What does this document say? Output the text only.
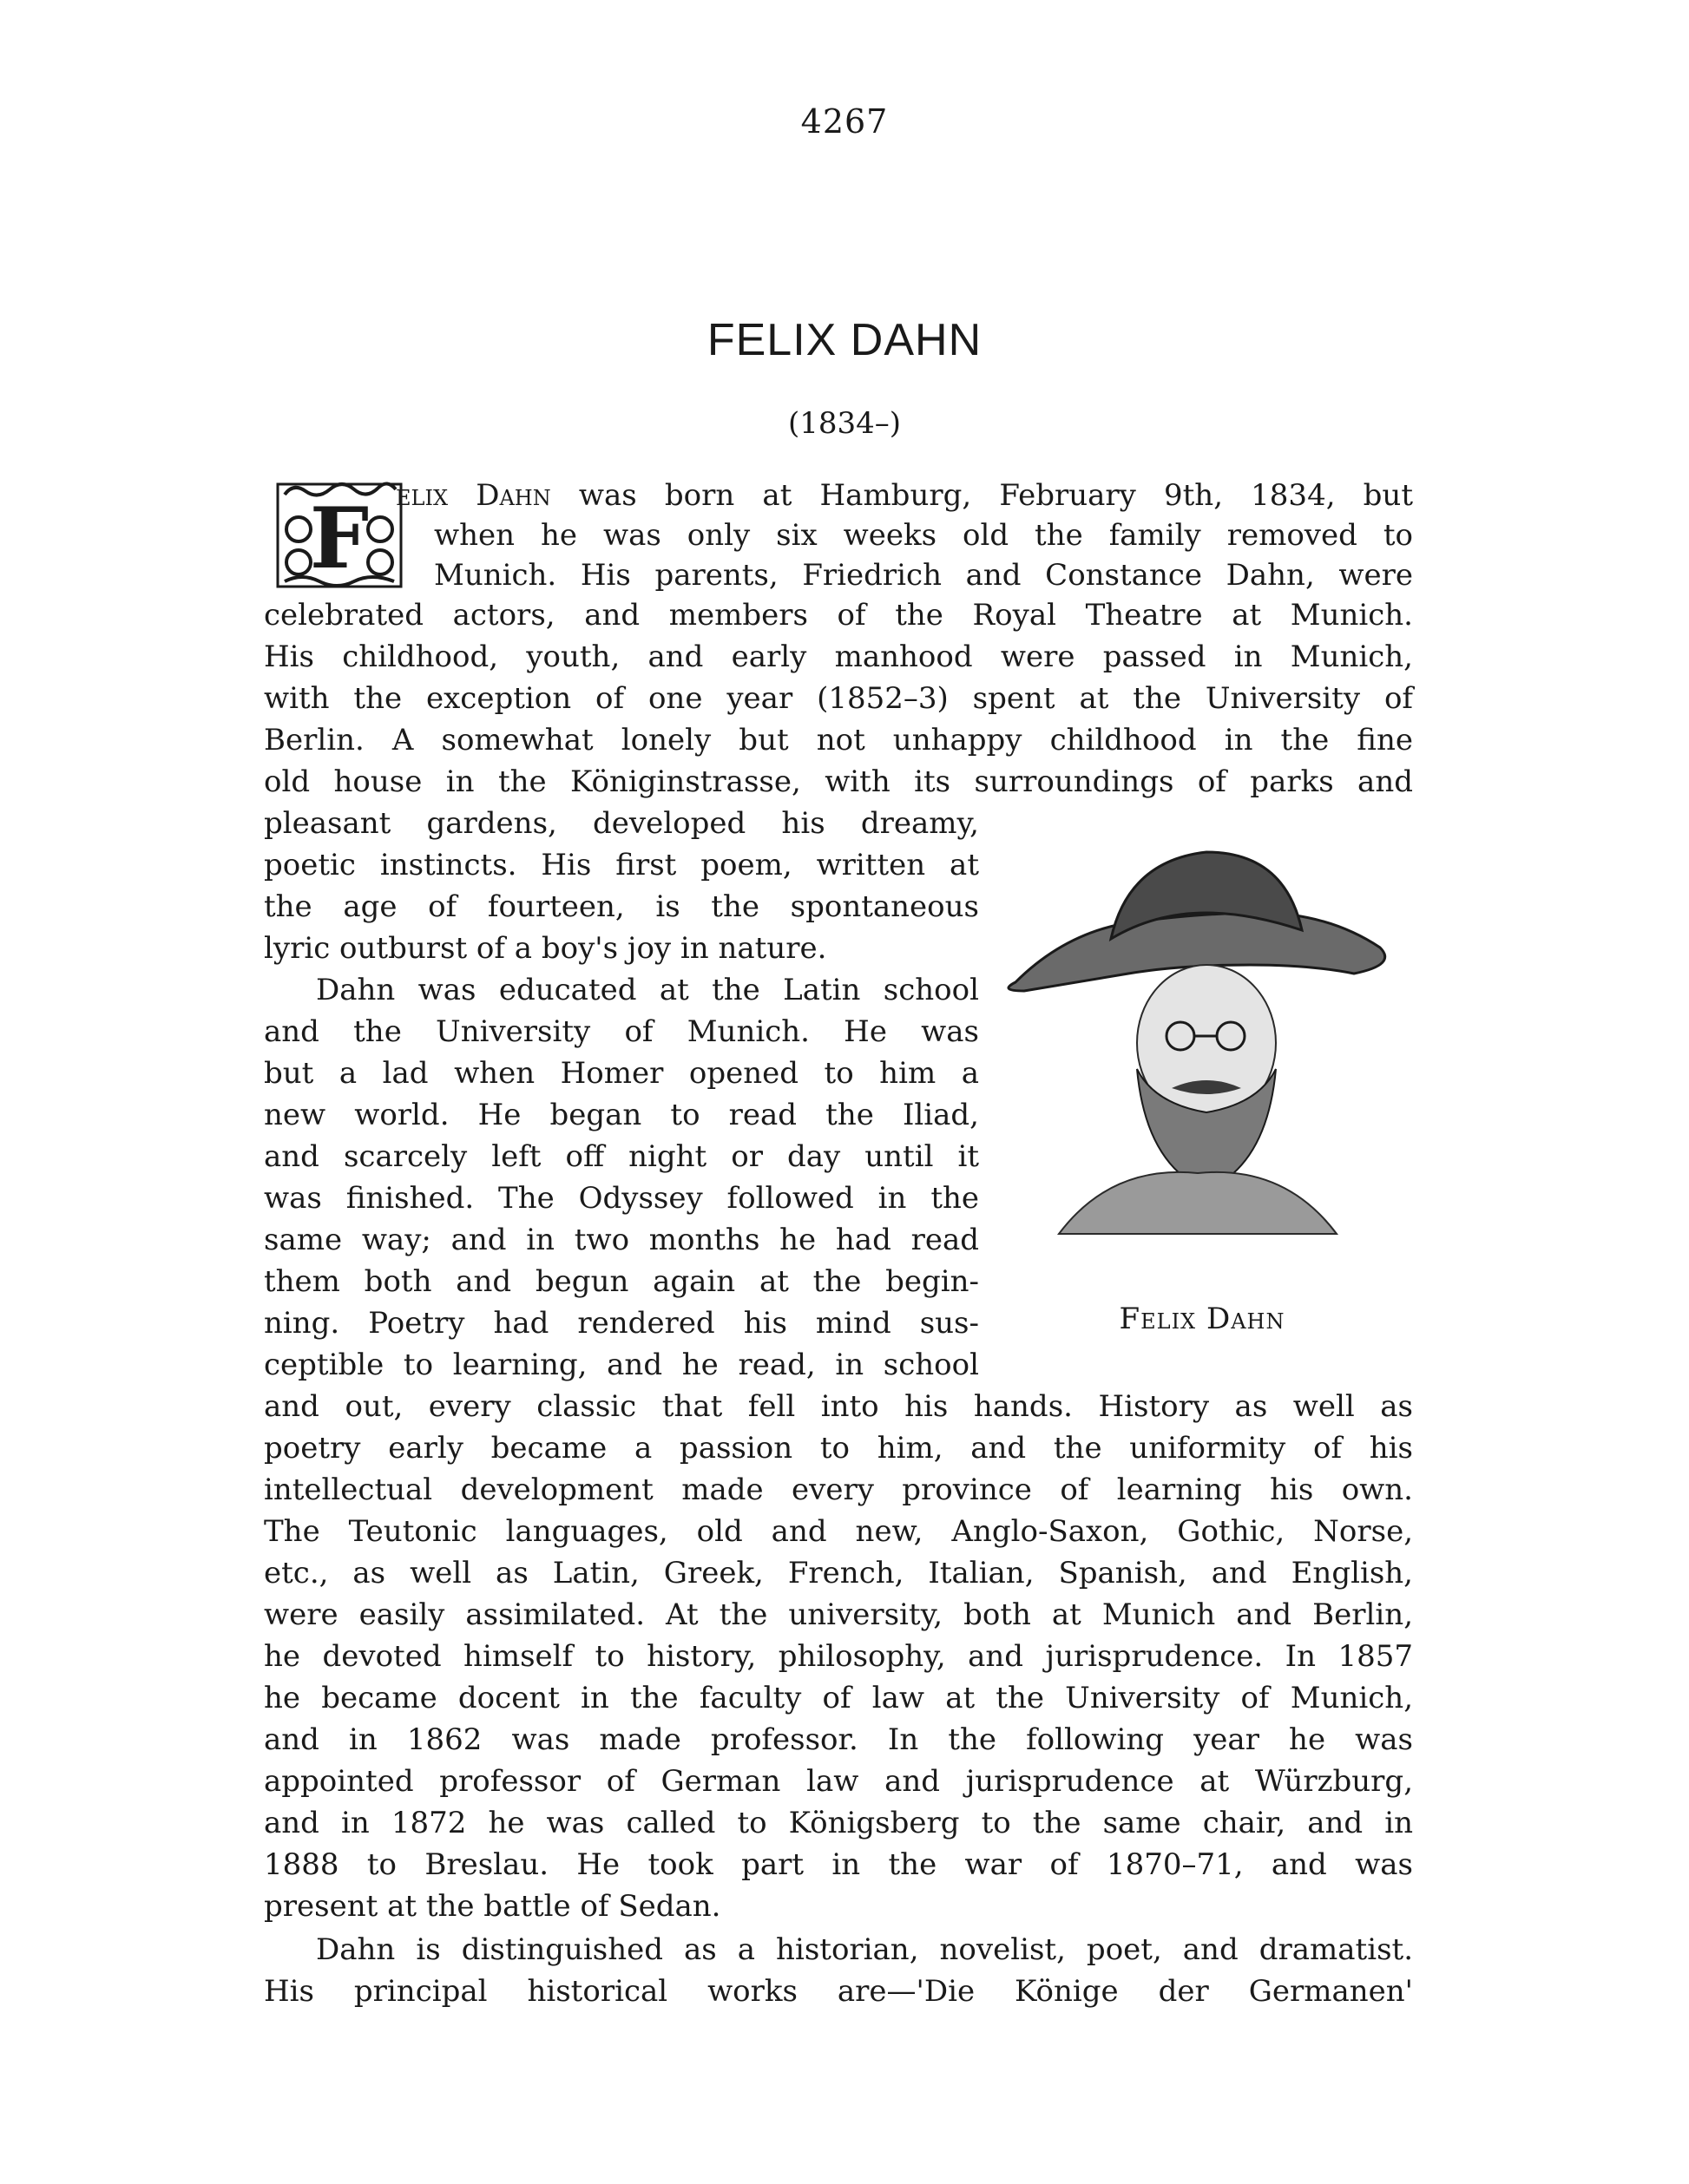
4267
FELIX DAHN
(1834–)
F elix Dahn was born at Hamburg, February 9th, 1834, but
when he was only six weeks old the family removed to
Munich. His parents, Friedrich and Constance Dahn, were
celebrated actors, and members of the Royal Theatre at Munich.
His childhood, youth, and early manhood were passed in Munich,
with the exception of one year (1852–3) spent at the University of
Berlin. A somewhat lonely but not unhappy childhood in the fine
old house in the Königinstrasse, with its surroundings of parks and
pleasant gardens, developed his dreamy,
poetic instincts. His first poem, written at
the age of fourteen, is the spontaneous
lyric outburst of a boy's joy in nature.
Dahn was educated at the Latin school
and the University of Munich. He was
but a lad when Homer opened to him a
new world. He began to read the Iliad,
and scarcely left off night or day until it
was finished. The Odyssey followed in the
same way; and in two months he had read
them both and begun again at the begin-
ning. Poetry had rendered his mind sus-
ceptible to learning, and he read, in school
and out, every classic that fell into his hands. History as well as
poetry early became a passion to him, and the uniformity of his
intellectual development made every province of learning his own.
The Teutonic languages, old and new, Anglo-Saxon, Gothic, Norse,
etc., as well as Latin, Greek, French, Italian, Spanish, and English,
were easily assimilated. At the university, both at Munich and Berlin,
he devoted himself to history, philosophy, and jurisprudence. In 1857
he became docent in the faculty of law at the University of Munich,
and in 1862 was made professor. In the following year he was
appointed professor of German law and jurisprudence at Würzburg,
and in 1872 he was called to Königsberg to the same chair, and in
1888 to Breslau. He took part in the war of 1870–71, and was
present at the battle of Sedan.
Dahn is distinguished as a historian, novelist, poet, and dramatist.
His principal historical works are—'Die Könige der Germanen'
Felix Dahn
